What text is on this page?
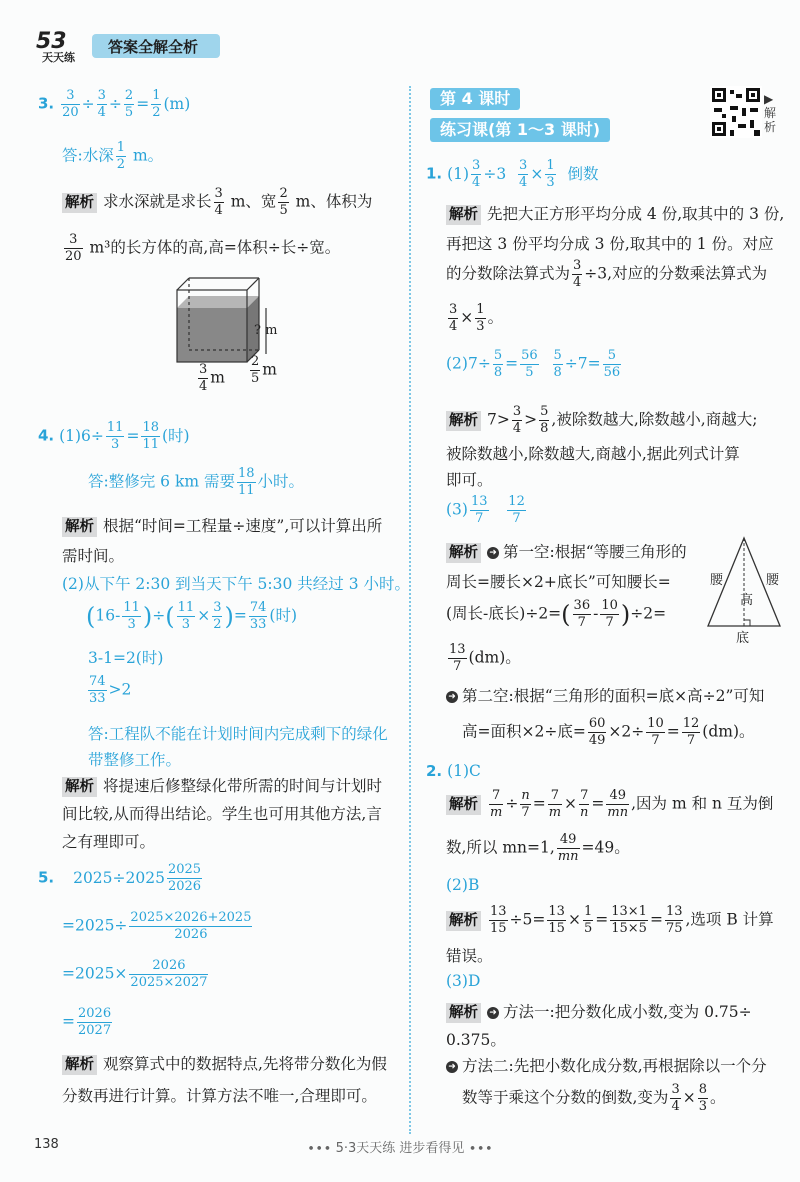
53
天天练
答案全解全析
3. $\frac{3}{20} \div \frac{3}{4} \div \frac{2}{5} = \frac{1}{2} (m)$
答:水深 $\frac{1}{2}$ m。
解析 求水深就是求长 $\frac{3}{4}$ m、宽 $\frac{2}{5}$ m、体积为
$\frac{3}{20} m^3$的长方体的高,高=体积÷长÷宽。
? m
$\frac{3}{4}$ m $\frac{2}{5}$ m
4. $(1)6\div \frac{11}{3} = \frac{18}{11}$ (时)
答:整修完 6 km 需要 $\frac{18}{11}$ 小时。
解析 根据“时间=工程量÷速度”,可以计算出所
需时间。
(2)从下午 2:30 到当天下午 5:30 共经过 3 小时。
($16- \frac{11}{3}$ )÷( $\frac{11}{3} \times \frac{3}{2}$ )= $\frac{74}{33}$ (时)
3-1=2(时)
$\frac{74}{33} >2$
答:工程队不能在计划时间内完成剩下的绿化
带整修工作。
解析 将提速后修整绿化带所需的时间与计划时
间比较,从而得出结论。学生也可用其他方法,言
之有理即可。
5. $2025\div 2025 \frac{2025}{2026}$
$=2025\div \frac{2025\times 2026+2025}{2026}$
$=2025\times \frac{2026}{2025\times 2027}$
= $\frac{2026}{2027}$
解析 观察算式中的数据特点,先将带分数化为假
分数再进行计算。计算方法不唯一,合理即可。
第 4 课时
练习课(第 1～3 课时)
▶解析
1. $(1) \frac{3}{4} \div 3 \frac{3}{4} \times \frac{1}{3}$ 倒数
解析 先把大正方形平均分成 4 份,取其中的 3 份,
再把这 3 份平均分成 3 份,取其中的 1 份。对应
的分数除法算式为 $\frac{3}{4} \div 3$,对应的分数乘法算式为
$\frac{3}{4} \times \frac{1}{3}$ 。
$(2)7\div \frac{5}{8} = \frac{56}{5}$
$\frac{5}{8} \div 7= \frac{5}{56}$
解析 $7> \frac{3}{4} > \frac{5}{8}$ ,被除数越大,除数越小,商越大;
被除数越小,除数越大,商越小,据此列式计算
即可。
$(3) \frac{13}{7}$
$\frac{12}{7}$
解析 ➜ 第一空:根据“等腰三角形的
周长=腰长×2+底长”可知腰长=
(周长-底长)$\div 2=( \frac{36}{7} - \frac{10}{7} )\div 2=$
$\frac{13}{7} (dm)$。
➜ 第二空:根据“三角形的面积=底×高÷2”可知
高=面积×2÷底= $\frac{60}{49} \times 2\div \frac{10}{7} = \frac{12}{7} (dm)$。
腰	腰
高
底
2. (1)C
解析 $\frac{7}{m} \div \frac{n}{7} = \frac{7}{m} \times \frac{7}{n} = \frac{49}{mn}$ ,因为 m 和 n 互为倒
数,所以 mn=1, $\frac{49}{mn} =49$。
(2)B
解析 $\frac{13}{15} \div 5= \frac{13}{15} \times \frac{1}{5} = \frac{13\times 1}{15\times 5} = \frac{13}{75}$ ,选项 B 计算
错误。
(3)D
解析 ➜ 方法一:把分数化成小数,变为 0.75÷
0.375。
➜ 方法二:先把小数化成分数,再根据除以一个分
数等于乘这个分数的倒数,变为 $\frac{3}{4} \times \frac{8}{3}$ 。
138	∙∙∙ 5·3天天练 进步看得见 ∙∙∙
